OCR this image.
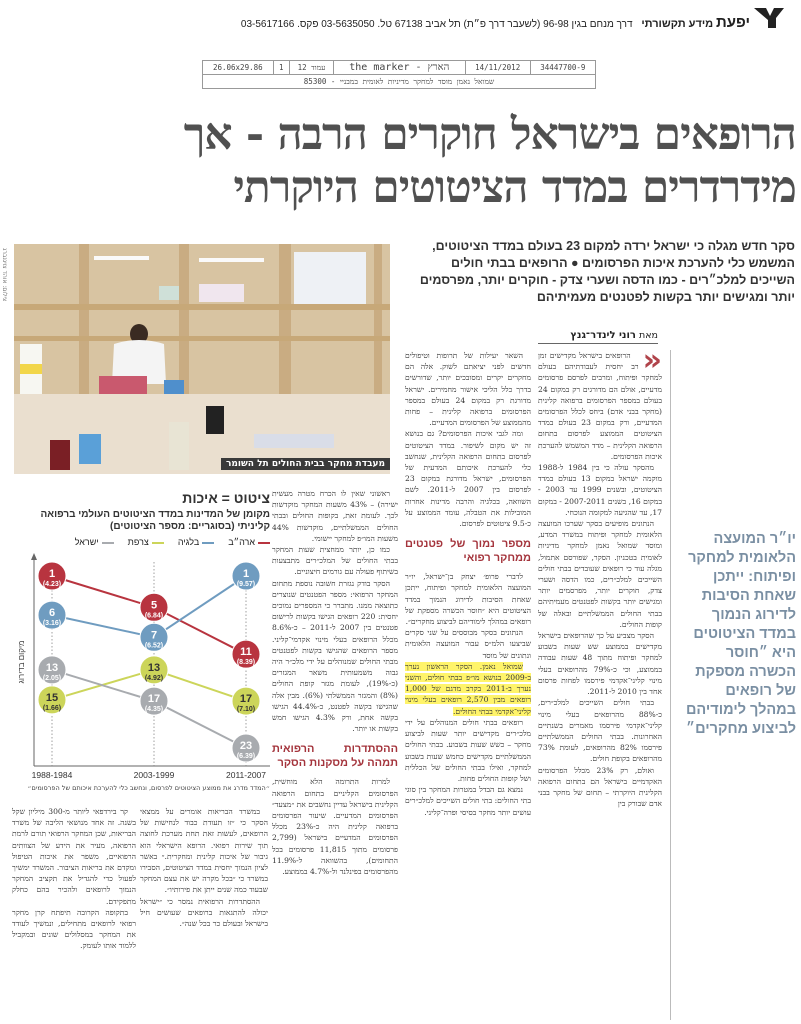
יפעת מידע תקשורתי דרך מנחם בגין 96-98 (לשעבר דרך פ״ת) תל אביב 67138 טל. 03-5635050 פקס. 03-5617166
26.06x29.86	1	עמוד 12	the marker - הארץ	14/11/2012	34447700-9
שמואל נאמן מוסד למחקר מדיניות לאומית במבניי - 85300
הרופאים בישראל חוקרים הרבה - אך
מידרדרים במדד הציטוטים היוקרתי
סקר חדש מגלה כי ישראל ירדה למקום 23 בעולם במדד הציטוטים, המשמש כלי להערכת איכות הפרסומים ● הרופאים בבתי חולים השייכים למלכ״רים - כמו הדסה ושערי צדק - חוקרים יותר, מפרסמים יותר ומגישים יותר בקשות לפטנטים מעמיתיהם
צילום: אוהד צויגנברג
מעבדת מחקר בבית החולים תל השומר
מאת רוני לינדר־גנץ
«

הרופאים בישראל מקדישים זמן רב יחסית לעבודתיהם בעולם למחקר ופיתוח, ומרבים לפרסם פרסומים מדעיים, אולם הם מדורגים רק במקום 24 בעולם במספר הפרסומים ברפואה קלינית (מחקר בבני אדם) ביחס לכלל הפרסומים המדעיים, ורק במקום 23 בעולם במדד הציטוטים הממוצע לפרסום בתחום הרפואה הקלינית – מדד המשמש להערכת איכות הפרסומים.

מהסקר עולה כי בין 1984 ל-1988 מוקמה ישראל במקום 13 בעולם במדד הציטוטים, ובשנים 1999 עד 2003 - במקום 16, בשנים 2007-2011 - במקום 17, עד שהגיעה למקומה הנוכחי.

הנתונים מופיעים בסקר שערכו המועצה הלאומית למחקר ופיתוח במשרד המדע, ומוסד שמואל נאמן למחקר מדיניות לאומית בטכניון. הסקר, שפורסם אתמול, מגלה עוד כי רופאים שעובדים בבתי חולים השייכים למלכ״רים, כמו הדסה ושערי צדק, חוקרים יותר, מפרסמים יותר ומגישים יותר בקשות לפטנטים מעמיתיהם בבתי החולים הממשלתיים ובאלה של קופות החולים.

הסקר מצביע על כך שהרופאים בישראל מקדישים בממוצע שש שעות בשבוע למחקר ופיתוח מתוך 48 שעות עבודה בממוצע, וכי כ-79% מהרופאים בעלי מינוי קליני־אקדמי פירסמו לפחות פרסום אחד בין 2010 ל-2011.

בבתי חולים השייכים למלכ״רים, כ-88% מהרופאים בעלי מינוי קליני־אקדמי פירסמו מאמרים בשנתיים האחרונות. בבתי החולים הממשלתיים פירסמו 82% מהרופאים, לעומת 73% מהרופאים בקופת חולים.

ואולם, רק 23% מכלל הפרסומים האקדמיים בישראל הם בתחום הרפואה הקלינית היוקרתי – תחום של מחקר בבני אדם שבורק בין

יו״ר המועצה הלאומית למחקר ופיתוח: ייתכן שאחת הסיבות לדירוג הנמוך במדד הציטוטים היא ״חוסר הכשרה מספקת של רופאים במהלך לימודיהם לביצוע מחקרים״

השאר יעילות של תרופות וטיפולים חדשים לפני יציאתם לשוק. אלה הם מחקרים יקרים ומסובכים יותר, שדורשים בדרך כלל הליכי אישור מחמירים. ישראל מדורגת רק במקום 24 בעולם במספר הפרסומים ברפואה קלינית – פחות מהממוצע של הפרסומים המדעיים.

ומה לגבי איכות הפרסומים? גם בנושא זה יש מקום לשיפור. במדד הציטוטים לפרסום בתחום הרפואה הקלינית, שנחשב כלי להערכת איכותם המדעית של הפרסומים, ישראל מדורגת במקום 23 לפרסום בין 2007 ל-2011. לשם השוואה, בכלגיה והרבה מדינות אחרות המובילות את הטבלה, עומד הממוצע על כ-9.5 ציטוטים לפרסום.

מספר נמוך של פטנטים ממחקר רפואי

לדברי פרופ׳ יצחק בן־ישראל, יו״ר המועצה הלאומית למחקר ופיתוח, ייתכן שאחת הסיבות לדירוג הנמוך במדד הציטוטים היא ״חוסר הכשרה מספקת של רופאים במהלך לימודיהם לביצוע מחקרים״.

הנתונים בסקר מבוססים על שני סקרים שביצעו הלמ״ס עבור המועצה הלאומית ונתונים של מוסד

שמואל נאמן. הסקר הראשון נערך ב-2009 בנושא מו״פ בבתי חולים, והשני נערך ב-2011 בקרב מדגם של 1,000 רופאים מבין 2,570 רופאים בעלי מינוי קליני־אקדמי בבתי החולים.

רופאים בבתי חולים המנוהלים על ידי מלכ״רים מקדישים יותר שעות לביצוע מחקר – כשש שעות בשבוע. בבתי החולים הממשלתיים מקדישים כחמש שעות בשבוע למחקר, ואילו בבתי החולים של הכללית ושל קופות החולים פחות.

נמצא גם הבדל במטרות המחקר בין סוגי בתי החולים: בתי חולים השייכים למלכ״רים עושים יותר מחקר בסיסי ופרה־קליני.

ראשוני שאין לו הכרח מטרה מעשית ישירה) – 43% משעות המחקר מוקדשות לכך. לעומת זאת, בקופות החולים ובבתי החולים הממשלתיים, מוקדשות 44% משעות המו״פ למחקר יישומי.

כמו כן, יותר ממחצית שעות המחקר בבתי החולים של המלכ״רים מתבצעות בשיתוף פעולה עם גורמים חיצוניים.

הסקר בודק נגזרת חשובה נוספת מתחום המחקר הרפואי: מספר הפטנטים שנוצרים כתוצאה ממנו. מתברר כי המספרים נמוכים יחסית: 220 רופאים הגישו בקשות לרישום פטנטים בין 2007 ל-2011 – כ-8.6% מכלל הרופאים בעלי מינוי אקדמי־קליני. מספר הרופאים שהגישו בקשות לפטנטים מבתי החולים שמנוהלים על ידי מלכ״ר היה גבוה משמעותית משאר המגזרים (כ-19%), לעומת מגזר קופת החולים (8%) והמגזר הממשלתי (6%). מבין אלה שהגישו בקשה לפטנט, כ-44.4% הגישו בקשה אחת, ורק 4.3% הגישו חמש בקשות או יותר.

ההסתדרות הרפואית תמהה על מסקנות הסקר

למרות התרומה הלא מוחשית, הפרסומים הקליניים בתחום הרפואה הקלינית בישראל עדיין נחשבים את ״מצעד״ הפרסומים המדעיים. שיעור הפרסומים ברפואה קלינית היה כ-23% מכלל הפרסומים המדעיים בישראל (2,799 פרסומים מתוך 11,815 פרסומים בכל התחומים), בהשוואה ל-11.9% מהפרסומים בפינלנד ול-4.7% בממוצע.

ציטוט = איכות
מקומן של המדינות במדד הציטוטים העולמי ברפואה קליניתי (בסוגריים: מספר הציטוטים)
ארה״בבלגיהצרפתישראל
מיקום בדירוג
1988-1984	2003-1999	2011-2007
1
(4.23)
5
(6.84)
11
(8.39)
6
(3.16)
7
(6.52)
1
(9.57)
15
(1.66)
13
(4.92)
17
(7.10)
13
(2.05)
17
(4.35)
23
(6.39)
״המדד מדרג את ממוצע הציטוטים לפרסום, ונחשב כלי להערכת איכותם של הפרסומים״

במשרד הבריאות אומרים על ממצאי הסקר כי ״זו תעודת כבוד לנחישות של הרופאים, לעשות זאת תחת מערכת לחוצה תוך שירות רפואי. הרופא הישראלי הוא גיבור של איכות קלינית ומחקרית.״ באשר לציון הנמוך יחסית במדד הציטוטים, הסבירו במשרד כי ״בכל מקרה יש את עצם המחקר שבעוד כמה שנים ייתן את פירותיו״.

ההסתדרות הרפואית נמסר כי ״ישראל יכולה להתגאות ברופאים שעושים חיל בישראל ובעולם כר בכל שנה״.

קר בירדפאי ליותר מ-300 מיליון שקל בשנה. זה אחד מנושאי הליבה של משרד הבריאות, שכן המחקר הרפואי תורם לרמת הרפואה, מעיר את הידע של הצוותים הרפואיים, משפר את איכות הטיפול ומקדם את בריאות הציבור. המשרד ימשיך לפעול כדי להגדיל את תקציב המחקר הנמוך לרופאים ולהכיר בהם כחלק מתפקידם.

בתקופה הקרובה תיפתח קרן מחקר רפואי לרופאים מתחילים, ונמשיך לעודד את המחקר במסלולים שונים ובמקביל ללמוד אותו לעומק.
